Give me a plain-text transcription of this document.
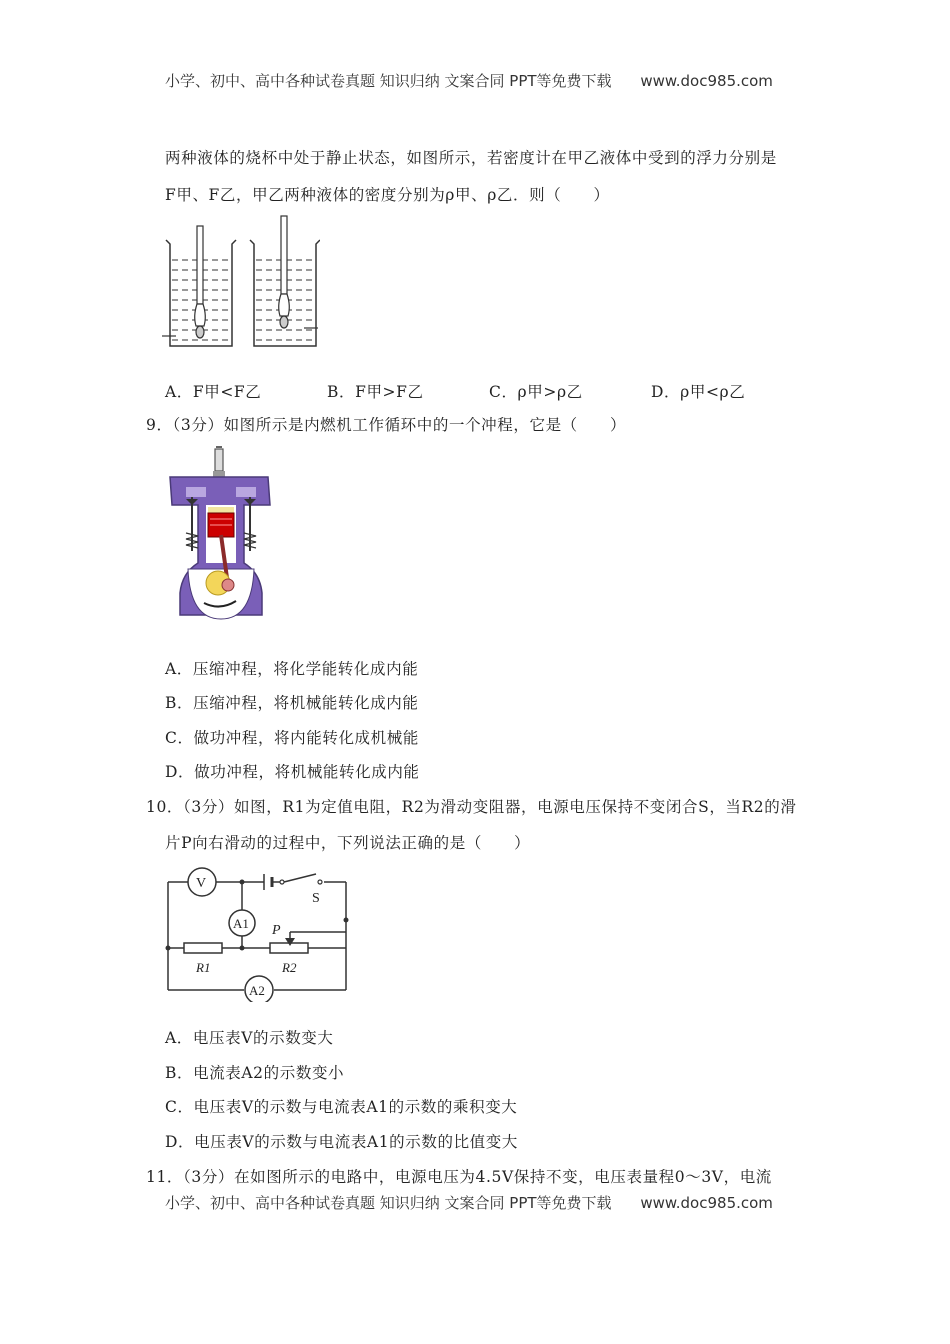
小学、初中、高中各种试卷真题 知识归纳 文案合同 PPT等免费下载 www.doc985.com
两种液体的烧杯中处于静止状态，如图所示，若密度计在甲乙液体中受到的浮力分别是
F甲、F乙，甲乙两种液体的密度分别为ρ甲、ρ乙．则（　　）
A．F甲<F乙	B．F甲>F乙	C．ρ甲>ρ乙	D．ρ甲<ρ乙
9．（3分）如图所示是内燃机工作循环中的一个冲程，它是（　　）
A．压缩冲程，将化学能转化成内能
B．压缩冲程，将机械能转化成内能
C．做功冲程，将内能转化成机械能
D．做功冲程，将机械能转化成内能
10．（3分）如图，R1为定值电阻，R2为滑动变阻器，电源电压保持不变闭合S，当R2的滑
片P向右滑动的过程中，下列说法正确的是（　　）
S
V
A1
A2
R1
P
R2
A．电压表V的示数变大
B．电流表A2的示数变小
C．电压表V的示数与电流表A1的示数的乘积变大
D．电压表V的示数与电流表A1的示数的比值变大
11．（3分）在如图所示的电路中，电源电压为4.5V保持不变，电压表量程0～3V，电流
小学、初中、高中各种试卷真题 知识归纳 文案合同 PPT等免费下载 www.doc985.com
